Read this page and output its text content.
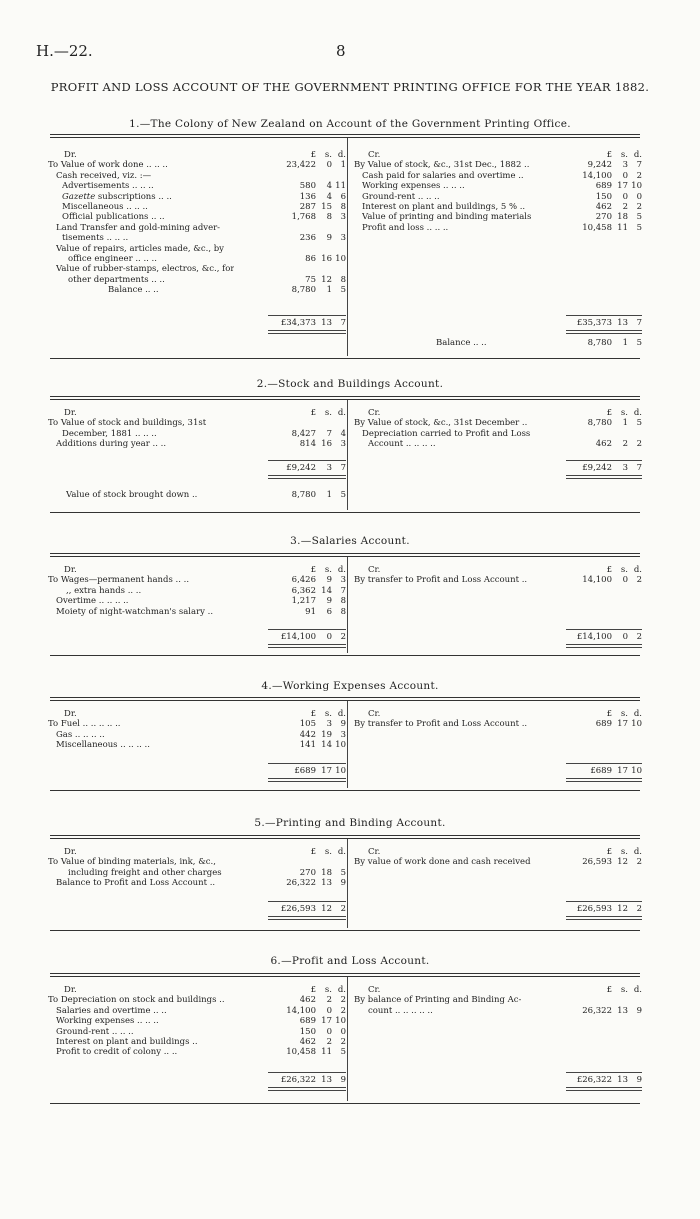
H.—22.	8
PROFIT AND LOSS ACCOUNT OF THE GOVERNMENT PRINTING OFFICE FOR THE YEAR 1882.
1.—The Colony of New Zealand on Account of the Government Printing Office.
Dr.	£ s. d.
To Value of work done .. .. ..	23,422 0 1
Cash received, viz. :—
Advertisements .. .. ..	580 4 11
Gazette subscriptions .. ..	136 4 6
Miscellaneous .. .. ..	287 15 8
Official publications .. ..	1,768 8 3
Land Transfer and gold-mining adver-
tisements .. .. ..	236 9 3
Value of repairs, articles made, &c., by
office engineer .. .. ..	86 16 10
Value of rubber-stamps, electros, &c., for
other departments .. ..	75 12 8
Balance .. ..	8,780 1 5
Cr.	£ s. d.
By Value of stock, &c., 31st Dec., 1882 ..	9,242 3 7
Cash paid for salaries and overtime ..	14,100 0 2
Working expenses .. .. ..	689 17 10
Ground-rent .. .. ..	150 0 0
Interest on plant and buildings, 5 % ..	462 2 2
Value of printing and binding materials	270 18 5
Profit and loss .. .. ..	10,458 11 5
£34,373 13 7	£35,373 13 7
Balance .. ..	8,780 1 5
2.—Stock and Buildings Account.
Dr.	£ s. d.
To Value of stock and buildings, 31st
December, 1881 .. .. ..	8,427 7 4
Additions during year .. ..	814 16 3
Cr.	£ s. d.
By Value of stock, &c., 31st December ..	8,780 1 5
Depreciation carried to Profit and Loss
Account .. .. .. ..	462 2 2
£9,242 3 7	£9,242 3 7
Value of stock brought down ..	8,780 1 5
3.—Salaries Account.
Dr.	£ s. d.
To Wages—permanent hands .. ..	6,426 9 3
,, extra hands .. ..	6,362 14 7
Overtime .. .. .. ..	1,217 9 8
Moiety of night-watchman's salary ..	91 6 8
Cr.	£ s. d.
By transfer to Profit and Loss Account ..	14,100 0 2
£14,100 0 2	£14,100 0 2
4.—Working Expenses Account.
Dr.	£ s. d.
To Fuel .. .. .. .. ..	105 3 9
Gas .. .. .. ..	442 19 3
Miscellaneous .. .. .. ..	141 14 10
Cr.	£ s. d.
By transfer to Profit and Loss Account ..	689 17 10
£689 17 10	£689 17 10
5.—Printing and Binding Account.
Dr.	£ s. d.
To Value of binding materials, ink, &c.,
including freight and other charges	270 18 5
Balance to Profit and Loss Account ..	26,322 13 9
Cr.	£ s. d.
By value of work done and cash received	26,593 12 2
£26,593 12 2	£26,593 12 2
6.—Profit and Loss Account.
Dr.	£ s. d.
To Depreciation on stock and buildings ..	462 2 2
Salaries and overtime .. ..	14,100 0 2
Working expenses .. .. ..	689 17 10
Ground-rent .. .. ..	150 0 0
Interest on plant and buildings ..	462 2 2
Profit to credit of colony .. ..	10,458 11 5
Cr.	£ s. d.
By balance of Printing and Binding Ac-
count .. .. .. .. ..	26,322 13 9
£26,322 13 9	£26,322 13 9
